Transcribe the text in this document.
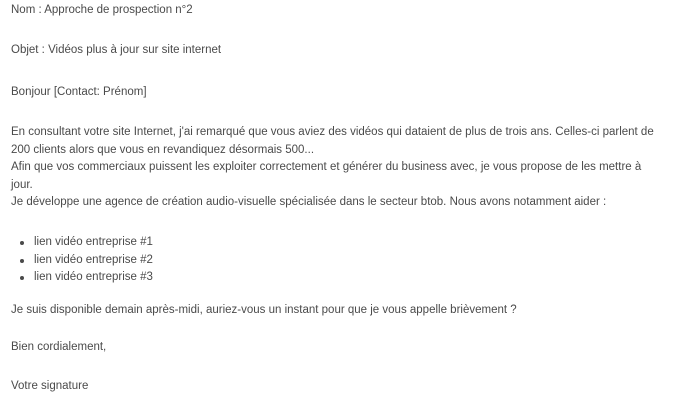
Nom : Approche de prospection n°2

Objet : Vidéos plus à jour sur site internet

Bonjour [Contact: Prénom]

En consultant votre site Internet, j'ai remarqué que vous aviez des vidéos qui dataient de plus de trois ans. Celles-ci parlent de
200 clients alors que vous en revandiquez désormais 500...
Afin que vos commerciaux puissent les exploiter correctement et générer du business avec, je vous propose de les mettre à
jour.
Je développe une agence de création audio-visuelle spécialisée dans le secteur btob. Nous avons notamment aider :
lien vidéo entreprise #1
lien vidéo entreprise #2
lien vidéo entreprise #3

Je suis disponible demain après-midi, auriez-vous un instant pour que je vous appelle brièvement ?

Bien cordialement,

Votre signature
